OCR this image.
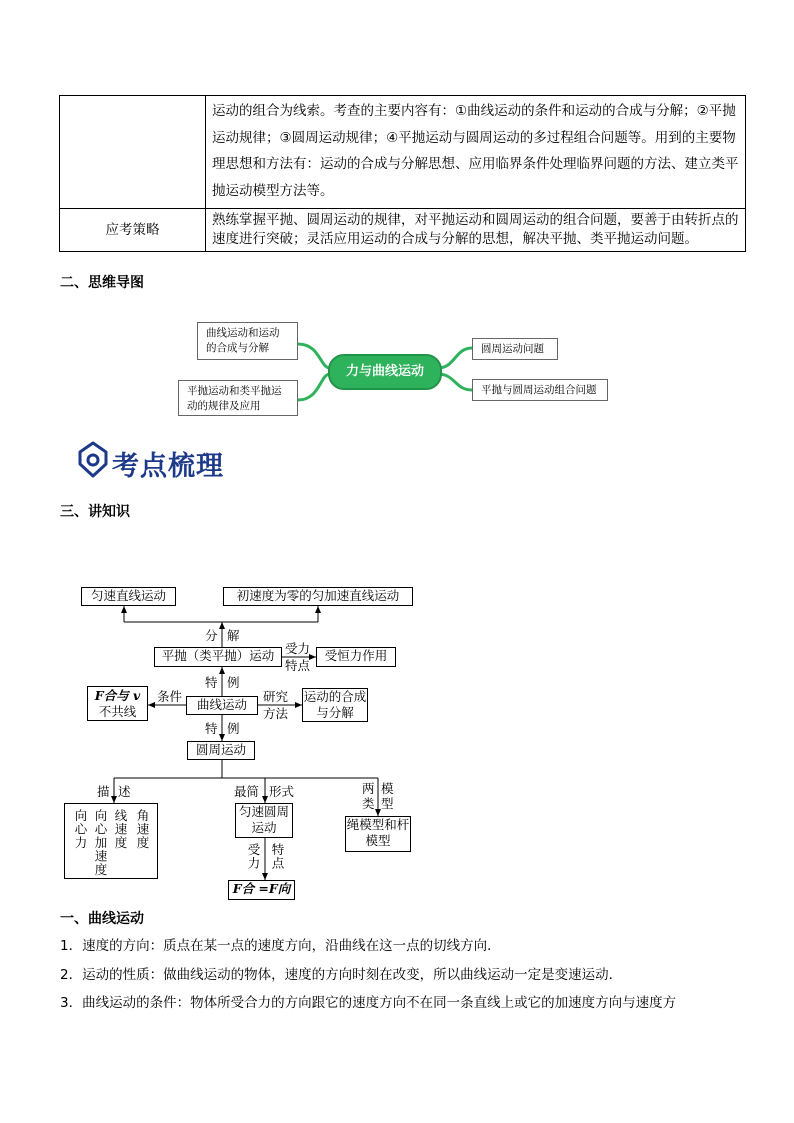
	运动的组合为线索。考查的主要内容有：①曲线运动的条件和运动的合成与分解；②平抛运动规律；③圆周运动规律；④平抛运动与圆周运动的多过程组合问题等。用到的主要物理思想和方法有：运动的合成与分解思想、应用临界条件处理临界问题的方法、建立类平抛运动模型方法等。
应考策略	熟练掌握平抛、圆周运动的规律，对平抛运动和圆周运动的组合问题，要善于由转折点的速度进行突破；灵活应用运动的合成与分解的思想，解决平抛、类平抛运动问题。
二、思维导图
曲线运动和运动的合成与分解
平抛运动和类平抛运动的规律及应用
力与曲线运动
圆周运动问题
平抛与圆周运动组合问题
考点梳理
三、讲知识
匀速直线运动	初速度为零的匀加速直线运动
分 解
平抛（类平抛）运动 受力
特点
受恒力作用
特 例
F合与 v
不共线
条件
曲线运动
研究
方法
运动的合成与分解
特 例
圆周运动
描 述	最简 形式	两
类
模
型
向心力 向心加速度 线速度 角速度	匀速圆周运动	绳模型和杆模型
受力 特点
F合 =F向
一、曲线运动
1．速度的方向：质点在某一点的速度方向，沿曲线在这一点的切线方向．
2．运动的性质：做曲线运动的物体，速度的方向时刻在改变，所以曲线运动一定是变速运动．
3．曲线运动的条件：物体所受合力的方向跟它的速度方向不在同一条直线上或它的加速度方向与速度方
